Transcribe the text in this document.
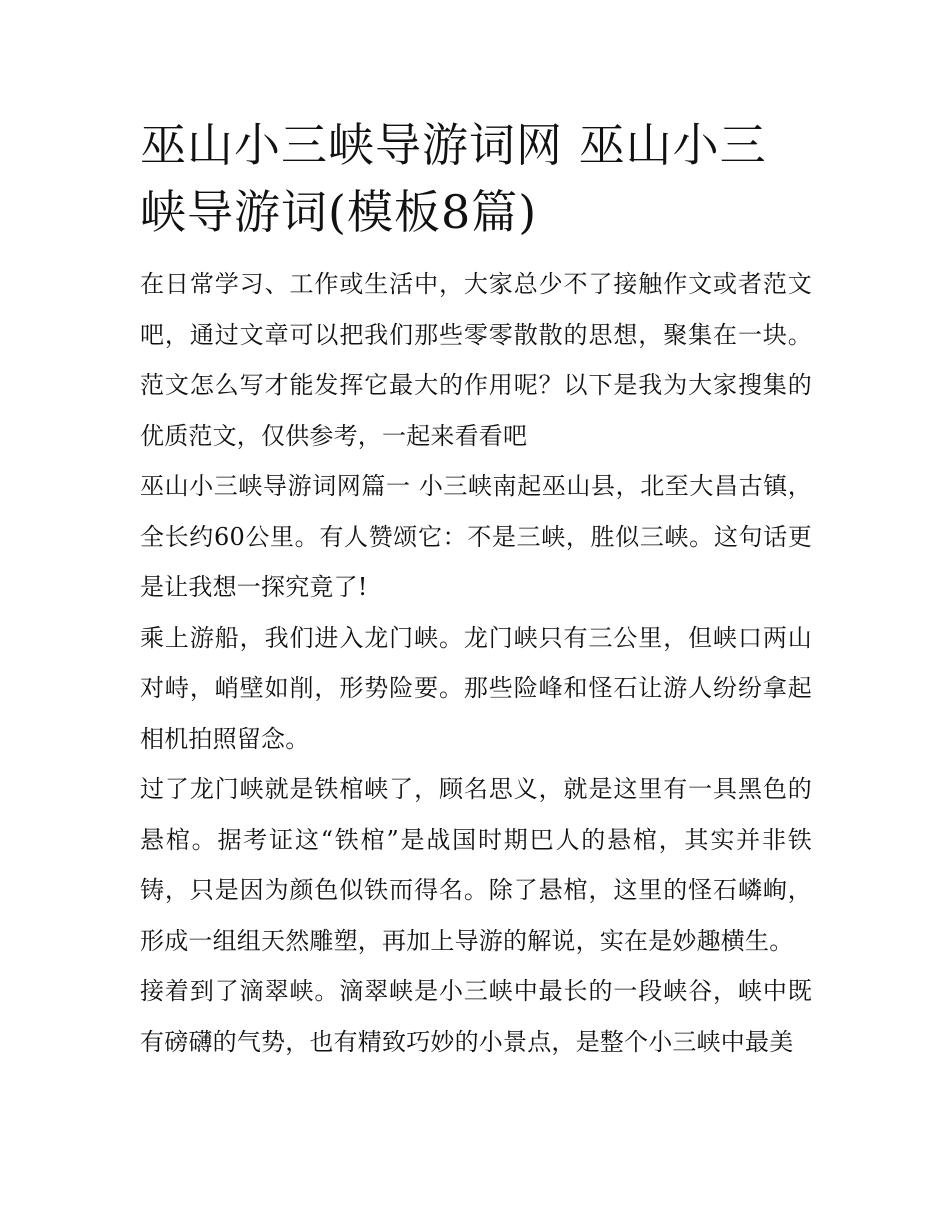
巫山小三峡导游词网 巫山小三峡导游词(模板8篇)

在日常学习、工作或生活中，大家总少不了接触作文或者范文吧，通过文章可以把我们那些零零散散的思想，聚集在一块。范文怎么写才能发挥它最大的作用呢？以下是我为大家搜集的优质范文，仅供参考，一起来看看吧

巫山小三峡导游词网篇一 小三峡南起巫山县，北至大昌古镇，全长约60公里。有人赞颂它：不是三峡，胜似三峡。这句话更是让我想一探究竟了!

乘上游船，我们进入龙门峡。龙门峡只有三公里，但峡口两山对峙，峭壁如削，形势险要。那些险峰和怪石让游人纷纷拿起相机拍照留念。

过了龙门峡就是铁棺峡了，顾名思义，就是这里有一具黑色的悬棺。据考证这“铁棺”是战国时期巴人的悬棺，其实并非铁铸，只是因为颜色似铁而得名。除了悬棺，这里的怪石嶙峋，形成一组组天然雕塑，再加上导游的解说，实在是妙趣横生。

接着到了滴翠峡。滴翠峡是小三峡中最长的一段峡谷，峡中既有磅礴的气势，也有精致巧妙的小景点，是整个小三峡中最美
